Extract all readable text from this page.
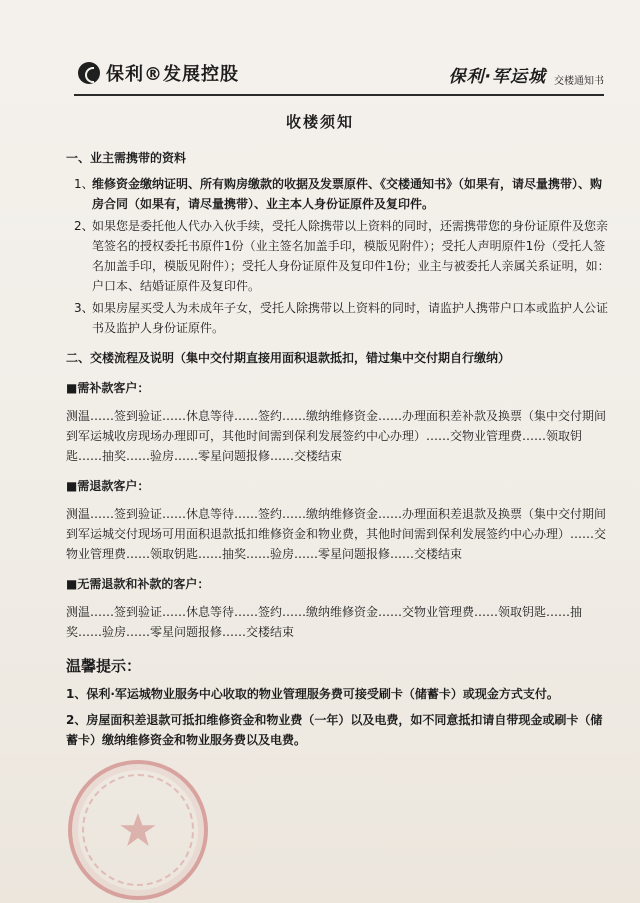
保利®发展控股	保利·军运城 交楼通知书
收楼须知
一、业主需携带的资料
1、
维修资金缴纳证明、所有购房缴款的收据及发票原件、《交楼通知书》（如果有，请尽量携带）、购房合同（如果有，请尽量携带）、业主本人身份证原件及复印件。
2、
如果您是委托他人代办入伙手续，受托人除携带以上资料的同时，还需携带您的身份证原件及您亲笔签名的授权委托书原件1份（业主签名加盖手印，模版见附件）；受托人声明原件1份（受托人签名加盖手印，模版见附件）；受托人身份证原件及复印件1份；业主与被委托人亲属关系证明，如：户口本、结婚证原件及复印件。
3、
如果房屋买受人为未成年子女，受托人除携带以上资料的同时，请监护人携带户口本或监护人公证书及监护人身份证原件。
二、交楼流程及说明（集中交付期直接用面积退款抵扣，错过集中交付期自行缴纳）
■需补款客户：
测温……签到验证……休息等待……签约……缴纳维修资金……办理面积差补款及换票（集中交付期间到军运城收房现场办理即可，其他时间需到保利发展签约中心办理）……交物业管理费……领取钥匙……抽奖……验房……零星问题报修……交楼结束
■需退款客户：
测温……签到验证……休息等待……签约……缴纳维修资金……办理面积差退款及换票（集中交付期间到军运城交付现场可用面积退款抵扣维修资金和物业费，其他时间需到保利发展签约中心办理）……交物业管理费……领取钥匙……抽奖……验房……零星问题报修……交楼结束
■无需退款和补款的客户：
测温……签到验证……休息等待……签约……缴纳维修资金……交物业管理费……领取钥匙……抽奖……验房……零星问题报修……交楼结束
温馨提示：
1、保利·军运城物业服务中心收取的物业管理服务费可接受刷卡（储蓄卡）或现金方式支付。
2、房屋面积差退款可抵扣维修资金和物业费（一年）以及电费，如不同意抵扣请自带现金或刷卡（储蓄卡）缴纳维修资金和物业服务费以及电费。
